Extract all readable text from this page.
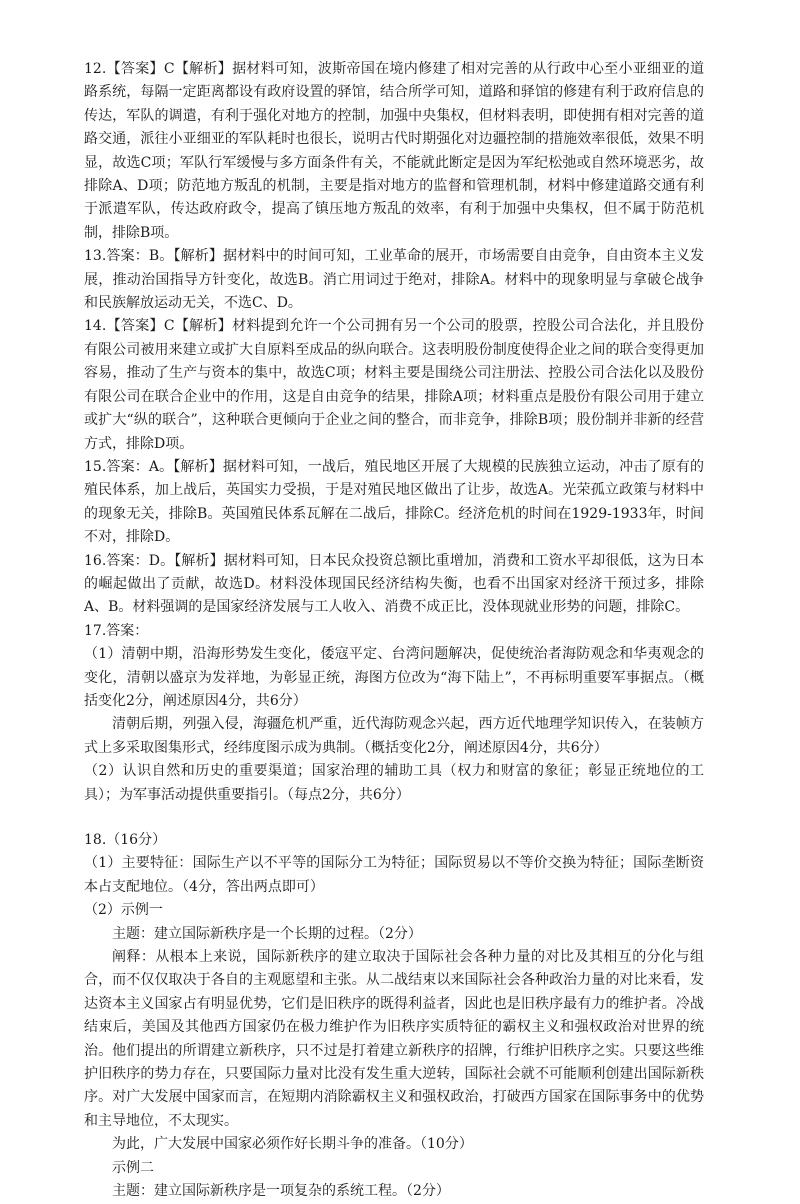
12.【答案】C【解析】据材料可知，波斯帝国在境内修建了相对完善的从行政中心至小亚细亚的道路系统，每隔一定距离都设有政府设置的驿馆，结合所学可知，道路和驿馆的修建有利于政府信息的传达，军队的调遣，有利于强化对地方的控制，加强中央集权，但材料表明，即使拥有相对完善的道路交通，派往小亚细亚的军队耗时也很长，说明古代时期强化对边疆控制的措施效率很低，效果不明显，故选C项；军队行军缓慢与多方面条件有关，不能就此断定是因为军纪松弛或自然环境恶劣，故排除A、D项；防范地方叛乱的机制，主要是指对地方的监督和管理机制，材料中修建道路交通有利于派遣军队，传达政府政令，提高了镇压地方叛乱的效率，有利于加强中央集权，但不属于防范机制，排除B项。

13.答案：B。【解析】据材料中的时间可知，工业革命的展开，市场需要自由竞争，自由资本主义发展，推动治国指导方针变化，故选B。消亡用词过于绝对，排除A。材料中的现象明显与拿破仑战争和民族解放运动无关，不选C、D。

14.【答案】C【解析】材料提到允许一个公司拥有另一个公司的股票，控股公司合法化，并且股份有限公司被用来建立或扩大自原料至成品的纵向联合。这表明股份制度使得企业之间的联合变得更加容易，推动了生产与资本的集中，故选C项；材料主要是围绕公司注册法、控股公司合法化以及股份有限公司在联合企业中的作用，这是自由竞争的结果，排除A项；材料重点是股份有限公司用于建立或扩大“纵的联合”，这种联合更倾向于企业之间的整合，而非竞争，排除B项；股份制并非新的经营方式，排除D项。

15.答案：A。【解析】据材料可知，一战后，殖民地区开展了大规模的民族独立运动，冲击了原有的殖民体系，加上战后，英国实力受损，于是对殖民地区做出了让步，故选A。光荣孤立政策与材料中的现象无关，排除B。英国殖民体系瓦解在二战后，排除C。经济危机的时间在1929-1933年，时间不对，排除D。

16.答案：D。【解析】据材料可知，日本民众投资总额比重增加，消费和工资水平却很低，这为日本的崛起做出了贡献，故选D。材料没体现国民经济结构失衡，也看不出国家对经济干预过多，排除A、B。材料强调的是国家经济发展与工人收入、消费不成正比，没体现就业形势的问题，排除C。

17.答案：

（1）清朝中期，沿海形势发生变化，倭寇平定、台湾问题解决，促使统治者海防观念和华夷观念的变化，清朝以盛京为发祥地，为彰显正统，海图方位改为“海下陆上”，不再标明重要军事据点。（概括变化2分，阐述原因4分，共6分）

清朝后期，列强入侵，海疆危机严重，近代海防观念兴起，西方近代地理学知识传入，在装帧方式上多采取图集形式，经纬度图示成为典制。（概括变化2分，阐述原因4分，共6分）

（2）认识自然和历史的重要渠道；国家治理的辅助工具（权力和财富的象征；彰显正统地位的工具）；为军事活动提供重要指引。（每点2分，共6分）

18.（16分）

（1）主要特征：国际生产以不平等的国际分工为特征；国际贸易以不等价交换为特征；国际垄断资本占支配地位。（4分，答出两点即可）

（2）示例一

主题：建立国际新秩序是一个长期的过程。（2分）

阐释：从根本上来说，国际新秩序的建立取决于国际社会各种力量的对比及其相互的分化与组合，而不仅仅取决于各自的主观愿望和主张。从二战结束以来国际社会各种政治力量的对比来看，发达资本主义国家占有明显优势，它们是旧秩序的既得利益者，因此也是旧秩序最有力的维护者。冷战结束后，美国及其他西方国家仍在极力维护作为旧秩序实质特征的霸权主义和强权政治对世界的统治。他们提出的所谓建立新秩序，只不过是打着建立新秩序的招牌，行维护旧秩序之实。只要这些维护旧秩序的势力存在，只要国际力量对比没有发生重大逆转，国际社会就不可能顺利创建出国际新秩序。对广大发展中国家而言，在短期内消除霸权主义和强权政治，打破西方国家在国际事务中的优势和主导地位，不太现实。

为此，广大发展中国家必须作好长期斗争的准备。（10分）

示例二

主题：建立国际新秩序是一项复杂的系统工程。（2分）
